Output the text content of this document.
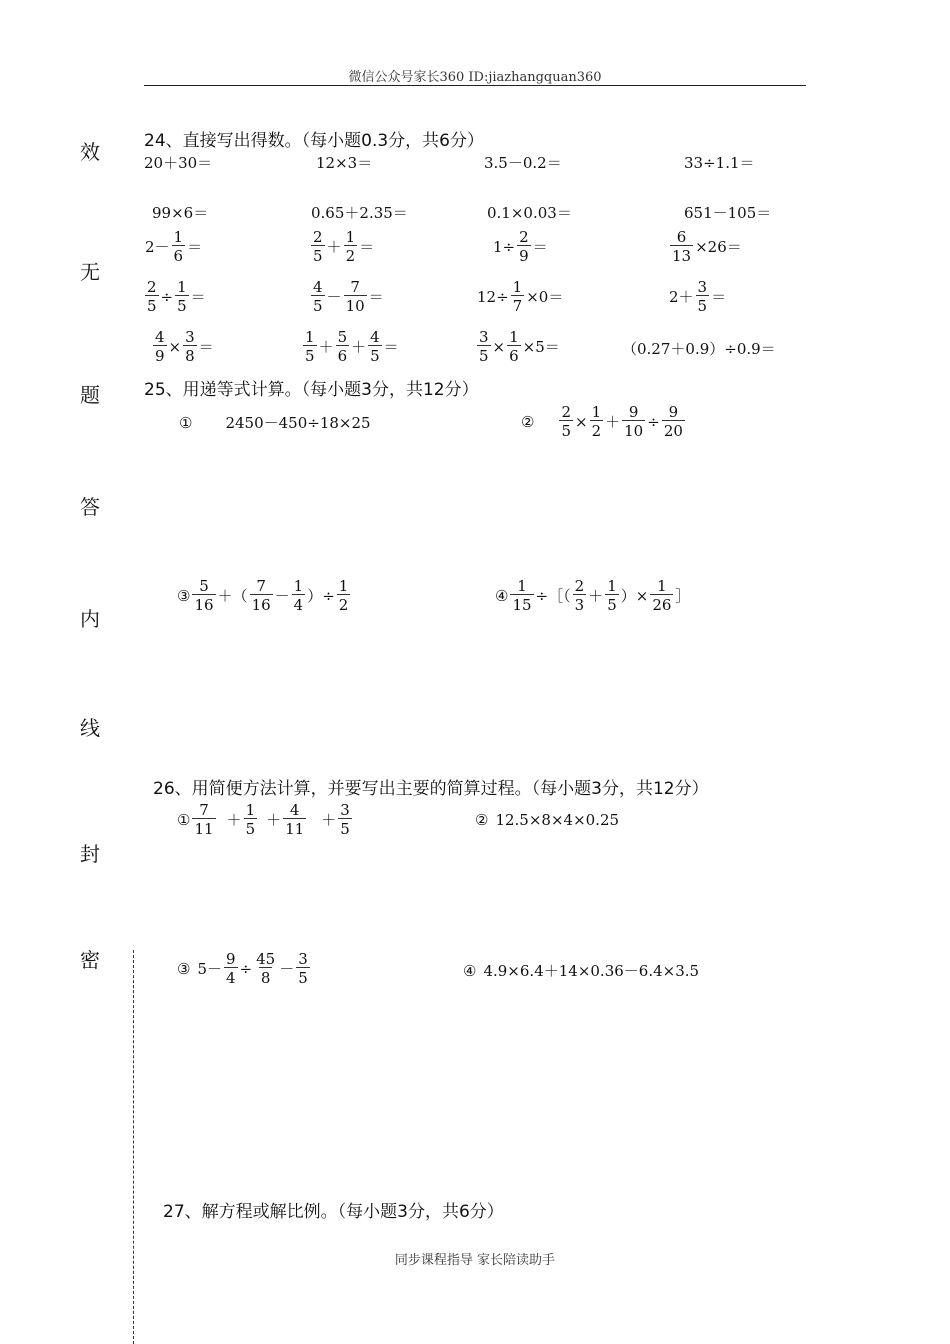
微信公众号家长360 ID:jiazhangquan360
同步课程指导 家长陪读助手
效
无
题
答
内
线
封
密
24、直接写出得数。（每小题0.3分，共6分）
20＋30＝	12×3＝	3.5－0.2＝	33÷1.1＝
99×6＝	0.65＋2.35＝	0.1×0.03＝	651－105＝
$2- \frac{1}{6}$ ＝	$\frac{2}{5} + \frac{1}{2}$ ＝	$1\div \frac{2}{9}$ ＝	$\frac{6}{13} \times 26=$
$\frac{2}{5} \div \frac{1}{5}$ ＝	$\frac{4}{5} - \frac{7}{10}$ ＝	$12\div \frac{1}{7} \times 0=$	$2+ \frac{3}{5}$ ＝
$\frac{4}{9} \times \frac{3}{8}$ ＝	$\frac{1}{5} + \frac{5}{6} + \frac{4}{5}$ ＝	$\frac{3}{5} \times \frac{1}{6} \times 5=$	（0.27＋0.9）÷0.9＝
25、用递等式计算。（每小题3分，共12分）
① 2450－450÷18×25	② $\frac{2}{5} \times \frac{1}{2} + \frac{9}{10} \div \frac{9}{20}$
③ $\frac{5}{16}$ ＋（ $\frac{7}{16} - \frac{1}{4}$ ）÷ $\frac{1}{2}$	④ $\frac{1}{15}$ ÷［（ $\frac{2}{3} + \frac{1}{5}$ ）× $\frac{1}{26}$ ］
26、用简便方法计算，并要写出主要的简算过程。（每小题3分，共12分）
① $\frac{7}{11} + \frac{1}{5} + \frac{4}{11} + \frac{3}{5}$	② 12.5×8×4×0.25
③ $5- \frac{9}{4} \div \frac{45}{8} - \frac{3}{5}$	④ 4.9×6.4＋14×0.36－6.4×3.5
27、解方程或解比例。（每小题3分，共6分）
